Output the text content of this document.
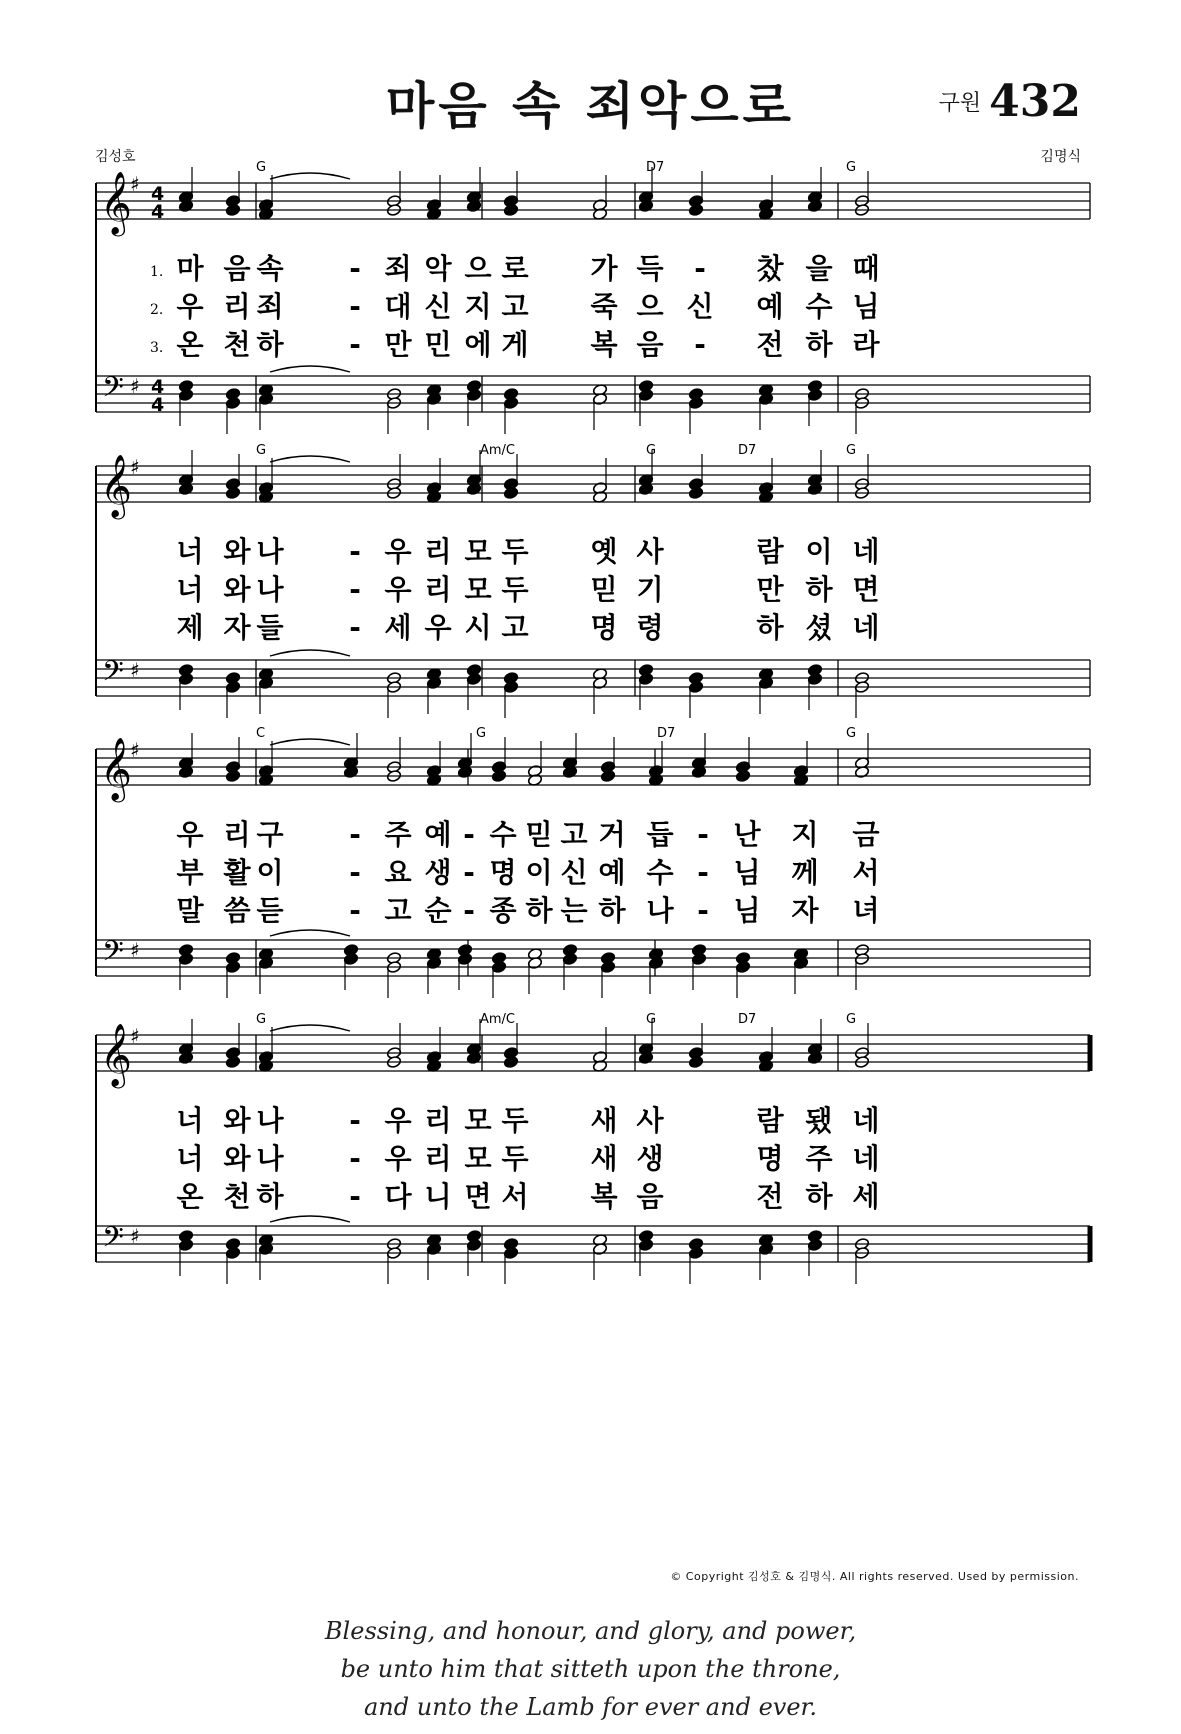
마음 속 죄악으로	구원 432
김성호	김명식
𝄞
𝄢
♯
♯
4
4
4
4
G	D7	G
1. 마 음 속 - 죄 악 으 로 가 득 - 찼 을 때
2. 우 리 죄 - 대 신 지 고 죽 으 신 예 수 님
3. 온 천 하 - 만 민 에 게 복 음 - 전 하 라
𝄞
𝄢
♯
♯
G	Am/C	G	D7	G
너 와 나 - 우 리 모 두 옛 사	람 이 네
너 와 나 - 우 리 모 두 믿 기	만 하 면
제 자 들 - 세 우 시 고 명 령	하 셨 네
𝄞
𝄢
♯
♯
C	G	D7	G
우 리 구 - 주 예 - 수 믿 고 거 듭 - 난 지 금
부 활 이 - 요 생 - 명 이 신 예 수 - 님 께 서
말 씀 듣 - 고 순 - 종 하 는 하 나 - 님 자 녀
𝄞
𝄢
♯
♯
G	Am/C	G	D7	G
너 와 나 - 우 리 모 두 새 사	람 됐 네
너 와 나 - 우 리 모 두 새 생	명 주 네
온 천 하 - 다 니 면 서 복 음	전 하 세
© Copyright 김성호 & 김명식. All rights reserved. Used by permission.
Blessing, and honour, and glory, and power,
be unto him that sitteth upon the throne,
and unto the Lamb for ever and ever.
